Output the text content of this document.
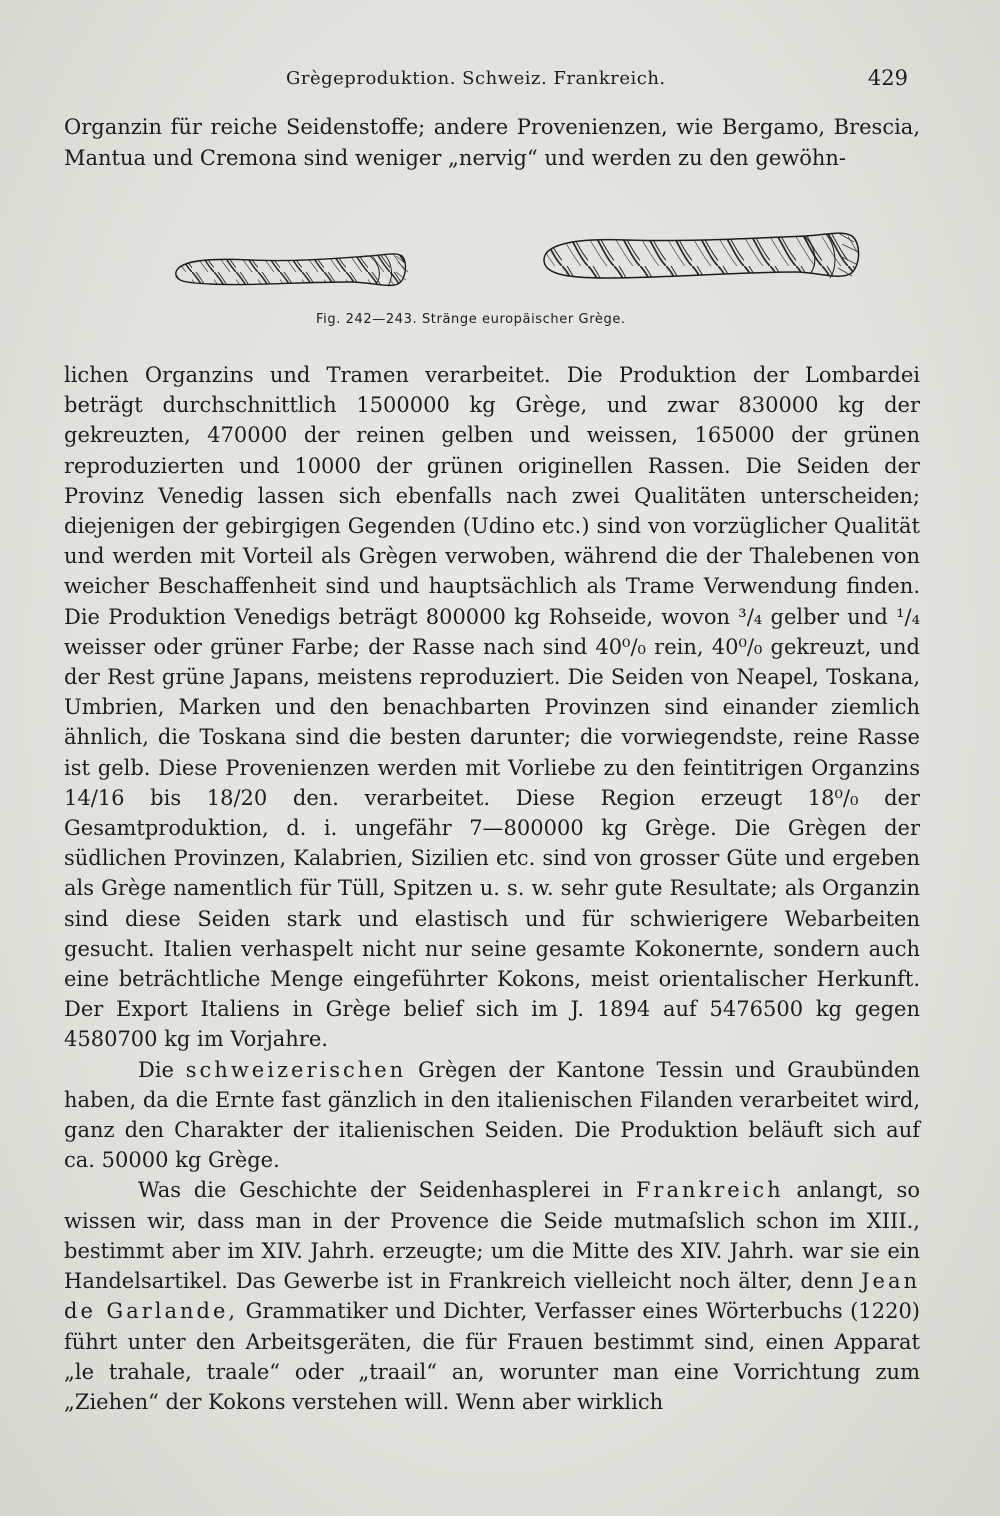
Grègeproduktion. Schweiz. Frankreich.	429

Organzin für reiche Seidenstoffe; andere Provenienzen, wie Bergamo, Brescia, Mantua und Cremona sind weniger „nervig“ und werden zu den gewöhn-

Fig. 242—243. Stränge europäischer Grège.

lichen Organzins und Tramen verarbeitet. Die Produktion der Lombardei beträgt durchschnittlich 1500000 kg Grège, und zwar 830000 kg der gekreuzten, 470000 der reinen gelben und weissen, 165000 der grünen reproduzierten und 10000 der grünen originellen Rassen. Die Seiden der Provinz Venedig lassen sich ebenfalls nach zwei Qualitäten unterscheiden; diejenigen der gebirgigen Gegenden (Udino etc.) sind von vorzüglicher Qualität und werden mit Vorteil als Grègen verwoben, während die der Thalebenen von weicher Beschaffenheit sind und hauptsächlich als Trame Verwendung finden. Die Produktion Venedigs beträgt 800000 kg Rohseide, wovon ³/₄ gelber und ¹/₄ weisser oder grüner Farbe; der Rasse nach sind 40⁰/₀ rein, 40⁰/₀ gekreuzt, und der Rest grüne Japans, meistens reproduziert. Die Seiden von Neapel, Toskana, Umbrien, Marken und den benachbarten Provinzen sind einander ziemlich ähnlich, die Toskana sind die besten darunter; die vorwiegendste, reine Rasse ist gelb. Diese Provenienzen werden mit Vorliebe zu den feintitrigen Organzins 14/16 bis 18/20 den. verarbeitet. Diese Region erzeugt 18⁰/₀ der Gesamtproduktion, d. i. ungefähr 7—800000 kg Grège. Die Grègen der südlichen Provinzen, Kalabrien, Sizilien etc. sind von grosser Güte und ergeben als Grège namentlich für Tüll, Spitzen u. s. w. sehr gute Resultate; als Organzin sind diese Seiden stark und elastisch und für schwierigere Webarbeiten gesucht. Italien verhaspelt nicht nur seine gesamte Kokonernte, sondern auch eine beträchtliche Menge eingeführter Kokons, meist orientalischer Herkunft. Der Export Italiens in Grège belief sich im J. 1894 auf 5476500 kg gegen 4580700 kg im Vorjahre.

Die schweizerischen Grègen der Kantone Tessin und Graubünden haben, da die Ernte fast gänzlich in den italienischen Filanden verarbeitet wird, ganz den Charakter der italienischen Seiden. Die Produktion beläuft sich auf ca. 50000 kg Grège.

Was die Geschichte der Seidenhasplerei in Frankreich anlangt, so wissen wir, dass man in der Provence die Seide mutmaſslich schon im XIII., bestimmt aber im XIV. Jahrh. erzeugte; um die Mitte des XIV. Jahrh. war sie ein Handelsartikel. Das Gewerbe ist in Frankreich vielleicht noch älter, denn Jean de Garlande, Grammatiker und Dichter, Verfasser eines Wörterbuchs (1220) führt unter den Arbeitsgeräten, die für Frauen bestimmt sind, einen Apparat „le trahale, traale“ oder „traail“ an, worunter man eine Vorrichtung zum „Ziehen“ der Kokons verstehen will. Wenn aber wirklich
